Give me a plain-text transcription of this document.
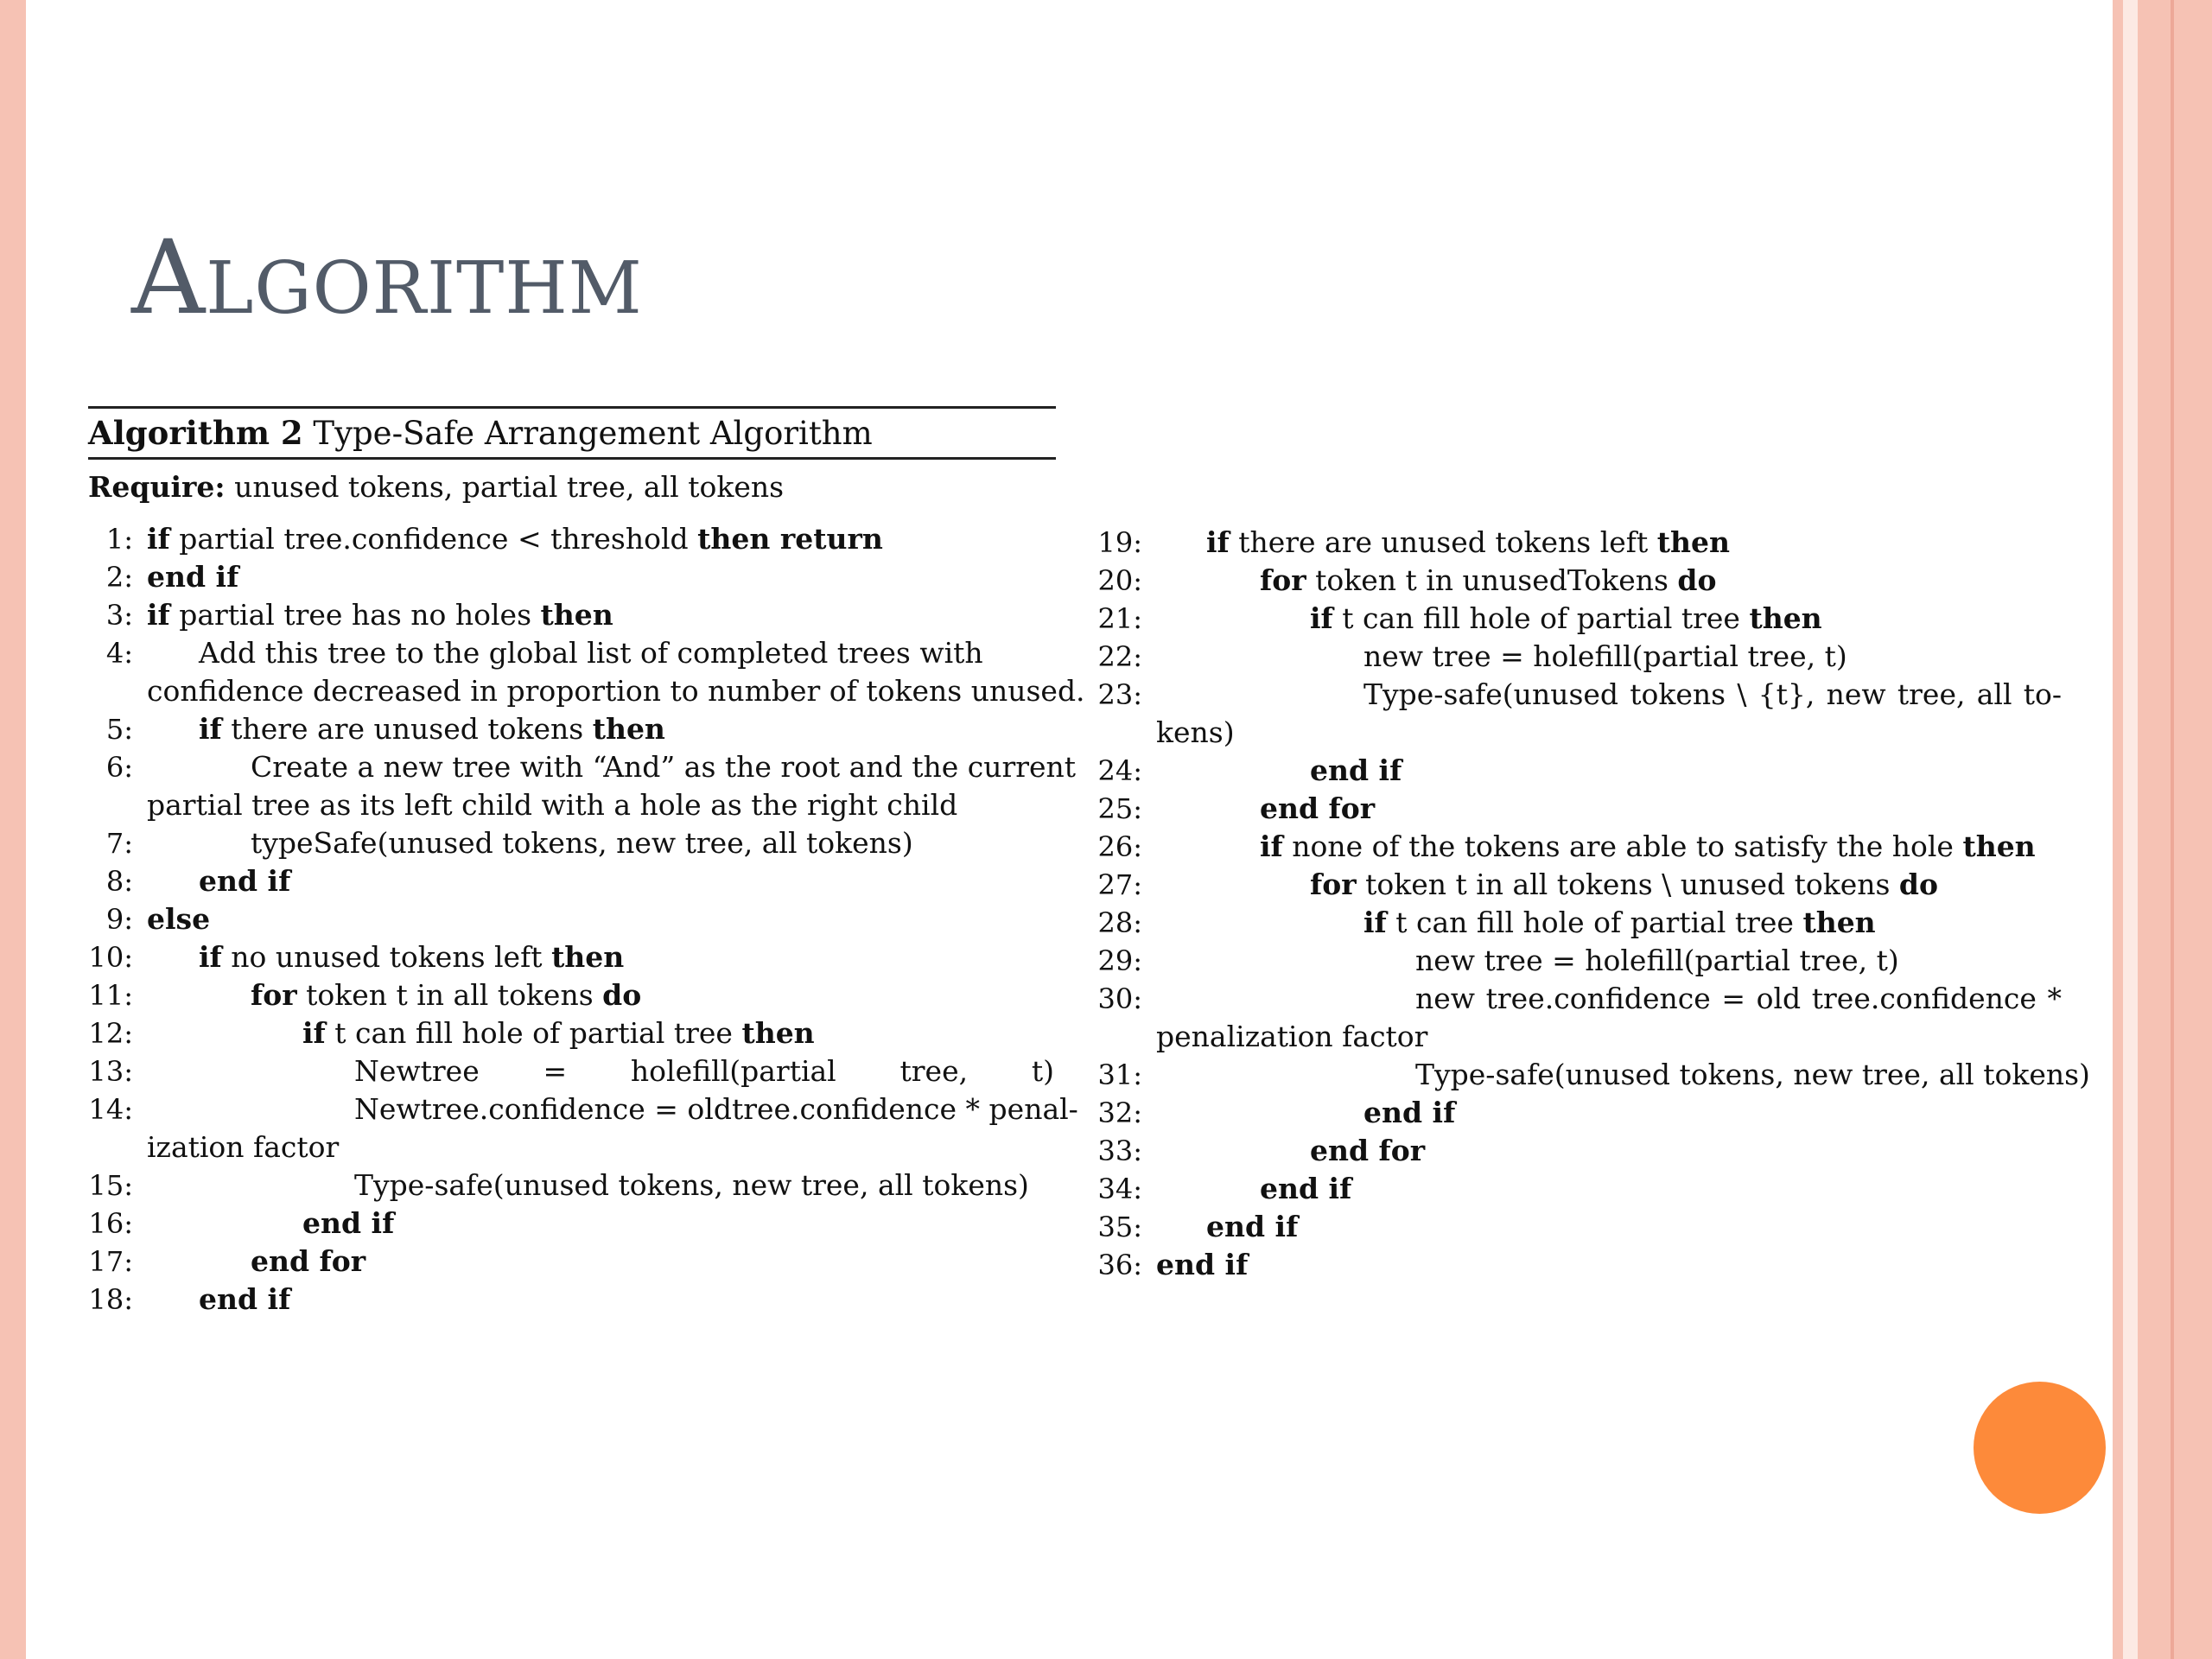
Algorithm
Algorithm 2 Type-Safe Arrangement Algorithm
Require: unused tokens, partial tree, all tokens
1: if partial tree.confidence < threshold then return
2: end if
3: if partial tree has no holes then
4: Add this tree to the global list of completed trees with
confidence decreased in proportion to number of tokens unused.
5: if there are unused tokens then
6:	Create a new tree with “And” as the root and the current
partial tree as its left child with a hole as the right child
7:	typeSafe(unused tokens, new tree, all tokens)
8: end if
9: else
10: if no unused tokens left then
11:	for token t in all tokens do
12:	if t can fill hole of partial tree then
13:	Newtree = holefill(partial tree, t)
14:	Newtree.confidence = oldtree.confidence * penal-
ization factor
15:	Type-safe(unused tokens, new tree, all tokens)
16:	end if
17:	end for
18: end if
19: if there are unused tokens left then
20:	for token t in unusedTokens do
21:	if t can fill hole of partial tree then
22:	new tree = holefill(partial tree, t)
23:	Type-safe(unused tokens \ {t}, new tree, all to-
kens)
24:	end if
25:	end for
26:	if none of the tokens are able to satisfy the hole then
27:	for token t in all tokens \ unused tokens do
28:	if t can fill hole of partial tree then
29:	new tree = holefill(partial tree, t)
30:	new tree.confidence = old tree.confidence *
penalization factor
31:	Type-safe(unused tokens, new tree, all tokens)
32:	end if
33:	end for
34:	end if
35: end if
36: end if
